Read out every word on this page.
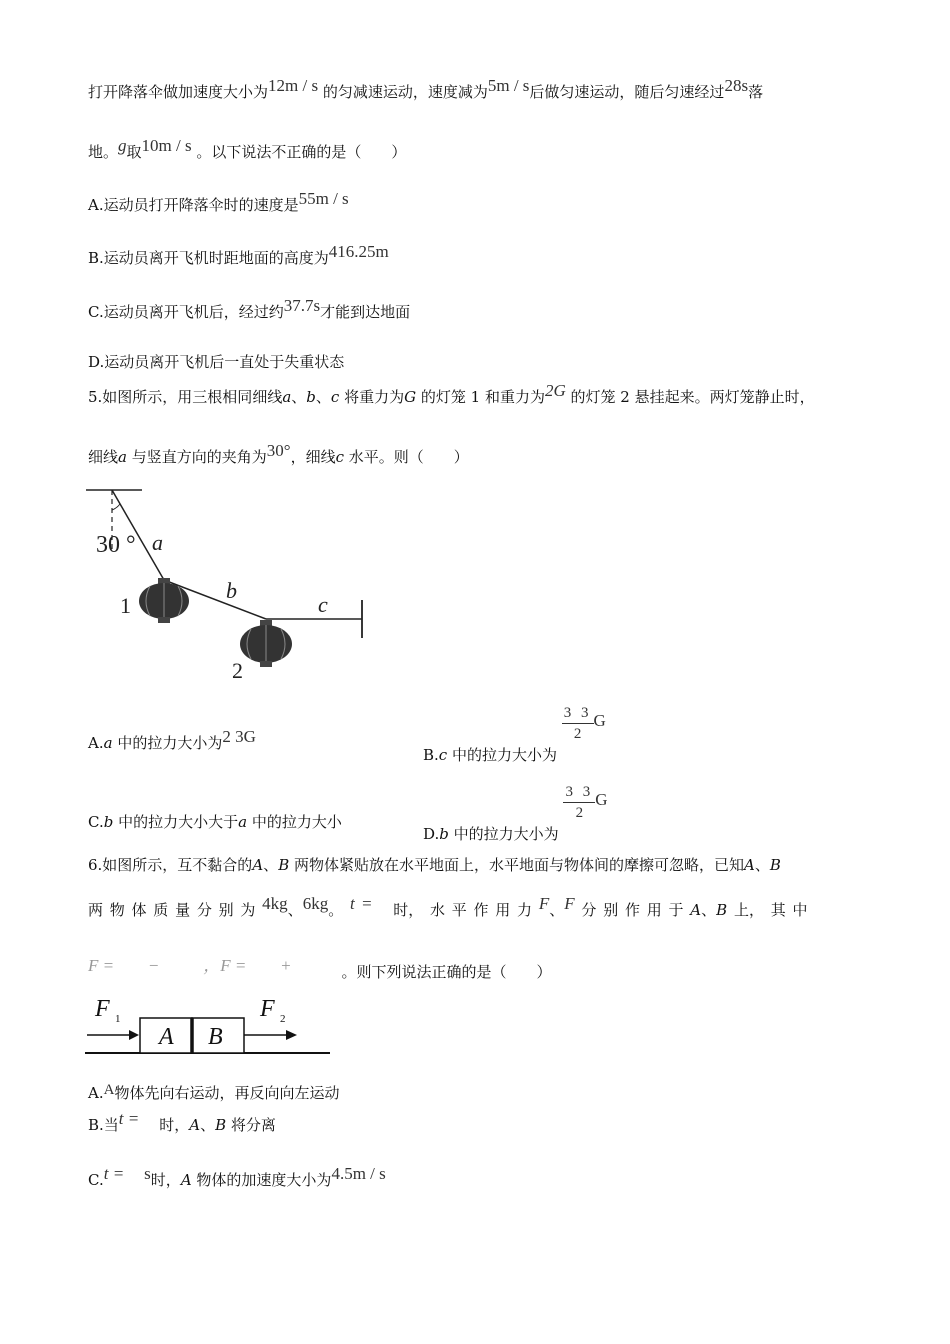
打开降落伞做加速度大小为12m / s 的匀减速运动，速度减为5m / s后做匀速运动，随后匀速经过28s落
地。g取10m / s 。以下说法不正确的是（　　）
A.运动员打开降落伞时的速度是55m / s
B.运动员离开飞机时距地面的高度为416.25m
C.运动员离开飞机后，经过约37.7s才能到达地面
D.运动员离开飞机后一直处于失重状态
5.如图所示，用三根相同细线a、b、c 将重力为G 的灯笼 1 和重力为2G 的灯笼 2 悬挂起来。两灯笼静止时，
细线a 与竖直方向的夹角为30°，细线c 水平。则（　　）
30 ° a
b
c
1
2
A.a 中的拉力大小为2 3G
B.c 中的拉力大小为
$\frac{3 3}{2}$ G
C.b 中的拉力大小大于a 中的拉力大小
D.b 中的拉力大小为
$\frac{3 3}{2}$ G
6.如图所示，互不黏合的A、B 两物体紧贴放在水平地面上，水平地面与物体间的摩擦可忽略，已知A、B
两 物 体 质 量 分 别 为 4kg、6kg。 t = 时， 水 平 作 用 力 F、F 分 别 作 用 于 A、B 上， 其 中
F = −	，F = +	。则下列说法正确的是（　　）
A B
F 1	F 2
A.A物体先向右运动，再反向向左运动
B.当t = 时，A、B 将分离
C.t = s时，A 物体的加速度大小为4.5m / s
